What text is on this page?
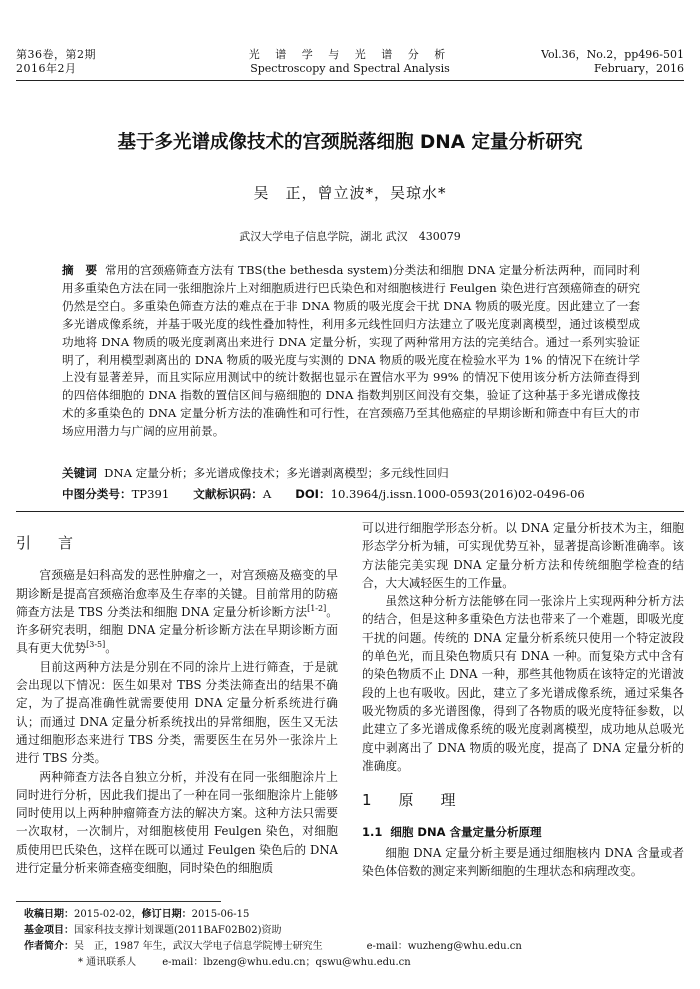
第36卷，第2期
2016年2月
光 谱 学 与 光 谱 分 析
Spectroscopy and Spectral Analysis
Vol.36，No.2，pp496-501
February，2016
基于多光谱成像技术的宫颈脱落细胞 DNA 定量分析研究
吴　正，曾立波*，吴琼水*
武汉大学电子信息学院，湖北 武汉　430079
摘　要 常用的宫颈癌筛查方法有 TBS(the bethesda system)分类法和细胞 DNA 定量分析法两种，而同时利用多重染色方法在同一张细胞涂片上对细胞质进行巴氏染色和对细胞核进行 Feulgen 染色进行宫颈癌筛查的研究仍然是空白。多重染色筛查方法的难点在于非 DNA 物质的吸光度会干扰 DNA 物质的吸光度。因此建立了一套多光谱成像系统，并基于吸光度的线性叠加特性，利用多元线性回归方法建立了吸光度剥离模型，通过该模型成功地将 DNA 物质的吸光度剥离出来进行 DNA 定量分析，实现了两种常用方法的完美结合。通过一系列实验证明了，利用模型剥离出的 DNA 物质的吸光度与实测的 DNA 物质的吸光度在检验水平为 1% 的情况下在统计学上没有显著差异，而且实际应用测试中的统计数据也显示在置信水平为 99% 的情况下使用该分析方法筛查得到的四倍体细胞的 DNA 指数的置信区间与癌细胞的 DNA 指数判别区间没有交集，验证了这种基于多光谱成像技术的多重染色的 DNA 定量分析方法的准确性和可行性，在宫颈癌乃至其他癌症的早期诊断和筛查中有巨大的市场应用潜力与广阔的应用前景。
关键词 DNA 定量分析；多光谱成像技术；多光谱剥离模型；多元线性回归
中图分类号：TP391 文献标识码：A DOI：10.3964/j.issn.1000-0593(2016)02-0496-06
引　言

宫颈癌是妇科高发的恶性肿瘤之一，对宫颈癌及癌变的早期诊断是提高宫颈癌治愈率及生存率的关键。目前常用的防癌筛查方法是 TBS 分类法和细胞 DNA 定量分析诊断方法[1-2]。许多研究表明，细胞 DNA 定量分析诊断方法在早期诊断方面具有更大优势[3-5]。

目前这两种方法是分别在不同的涂片上进行筛查，于是就会出现以下情况：医生如果对 TBS 分类法筛查出的结果不确定，为了提高准确性就需要使用 DNA 定量分析系统进行确认；而通过 DNA 定量分析系统找出的异常细胞，医生又无法通过细胞形态来进行 TBS 分类，需要医生在另外一张涂片上进行 TBS 分类。

两种筛查方法各自独立分析，并没有在同一张细胞涂片上同时进行分析，因此我们提出了一种在同一张细胞涂片上能够同时使用以上两种肿瘤筛查方法的解决方案。这种方法只需要一次取材，一次制片，对细胞核使用 Feulgen 染色，对细胞质使用巴氏染色，这样在既可以通过 Feulgen 染色后的 DNA 进行定量分析来筛查癌变细胞，同时染色的细胞质

可以进行细胞学形态分析。以 DNA 定量分析技术为主，细胞形态学分析为辅，可实现优势互补，显著提高诊断准确率。该方法能完美实现 DNA 定量分析方法和传统细胞学检查的结合，大大减轻医生的工作量。

虽然这种分析方法能够在同一张涂片上实现两种分析方法的结合，但是这种多重染色方法也带来了一个难题，即吸光度干扰的问题。传统的 DNA 定量分析系统只使用一个特定波段的单色光，而且染色物质只有 DNA 一种。而复染方式中含有的染色物质不止 DNA 一种，那些其他物质在该特定的光谱波段的上也有吸收。因此，建立了多光谱成像系统，通过采集各吸光物质的多光谱图像，得到了各物质的吸光度特征参数，以此建立了多光谱成像系统的吸光度剥离模型，成功地从总吸光度中剥离出了 DNA 物质的吸光度，提高了 DNA 定量分析的准确度。

1　原　理
1.1 细胞 DNA 含量定量分析原理

细胞 DNA 定量分析主要是通过细胞核内 DNA 含量或者染色体倍数的测定来判断细胞的生理状态和病理改变。

收稿日期：2015-02-02，修订日期：2015-06-15
基金项目：国家科技支撑计划课题(2011BAF02B02)资助
作者简介：吴　正，1987 年生，武汉大学电子信息学院博士研究生	e-mail：wuzheng@whu.edu.cn
* 通讯联系人	e-mail：lbzeng@whu.edu.cn；qswu@whu.edu.cn
